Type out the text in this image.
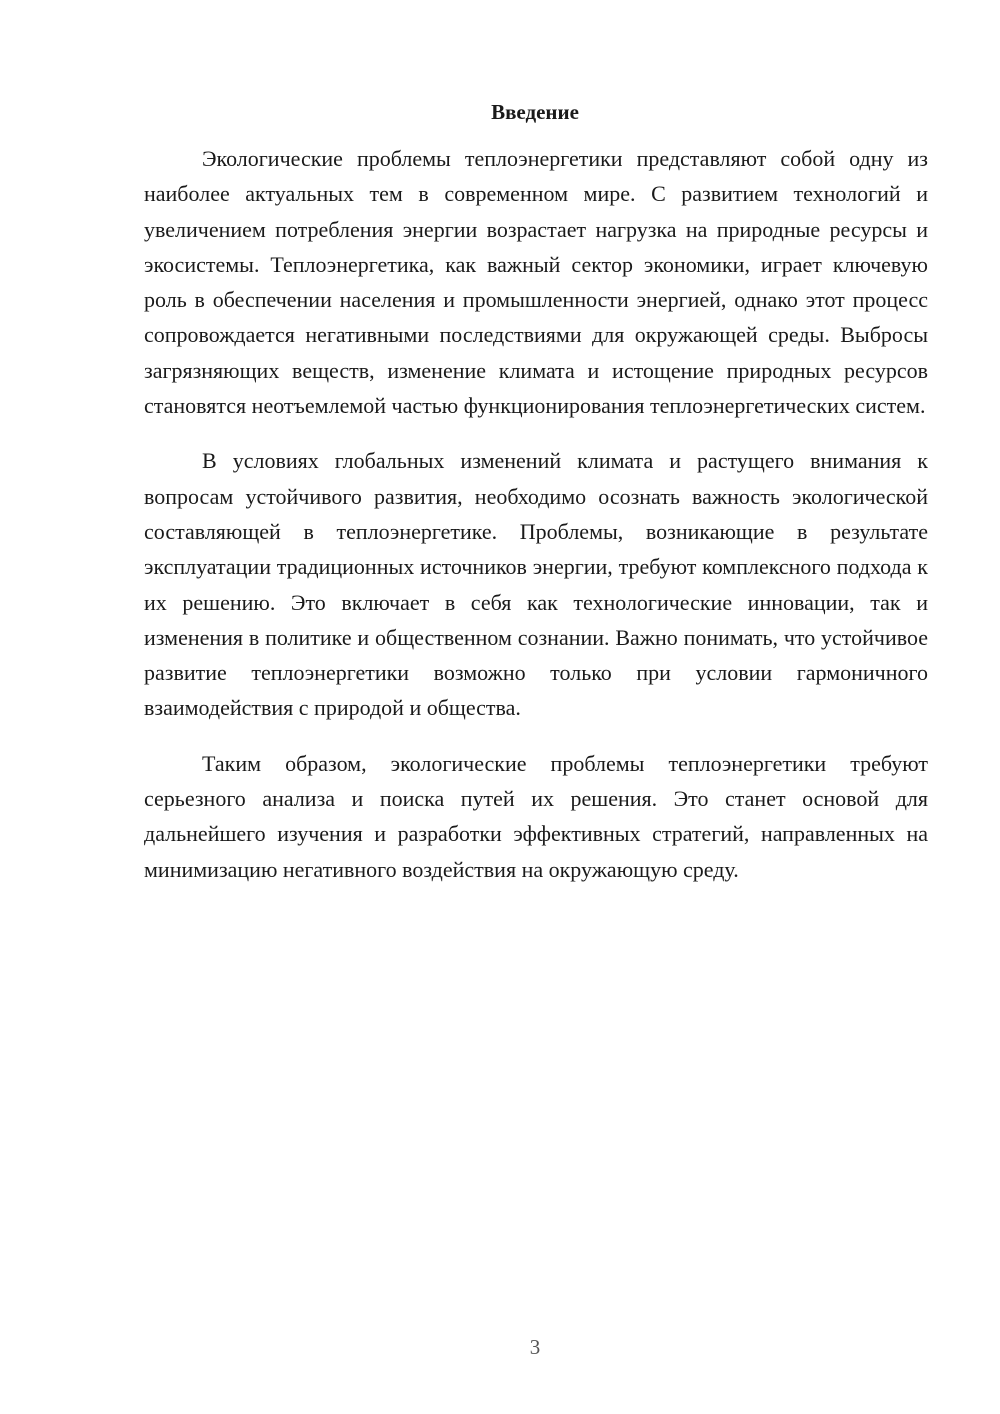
Введение

Экологические проблемы теплоэнергетики представляют собой одну из наиболее актуальных тем в современном мире. С развитием технологий и увеличением потребления энергии возрастает нагрузка на природные ресурсы и экосистемы. Теплоэнергетика, как важный сектор экономики, играет ключевую роль в обеспечении населения и промышленности энергией, однако этот процесс сопровождается негативными последствиями для окружающей среды. Выбросы загрязняющих веществ, изменение климата и истощение природных ресурсов становятся неотъемлемой частью функционирования теплоэнергетических систем.

В условиях глобальных изменений климата и растущего внимания к вопросам устойчивого развития, необходимо осознать важность экологической составляющей в теплоэнергетике. Проблемы, возникающие в результате эксплуатации традиционных источников энергии, требуют комплексного подхода к их решению. Это включает в себя как технологические инновации, так и изменения в политике и общественном сознании. Важно понимать, что устойчивое развитие теплоэнергетики возможно только при условии гармоничного взаимодействия с природой и общества.

Таким образом, экологические проблемы теплоэнергетики требуют серьезного анализа и поиска путей их решения. Это станет основой для дальнейшего изучения и разработки эффективных стратегий, направленных на минимизацию негативного воздействия на окружающую среду.

3
